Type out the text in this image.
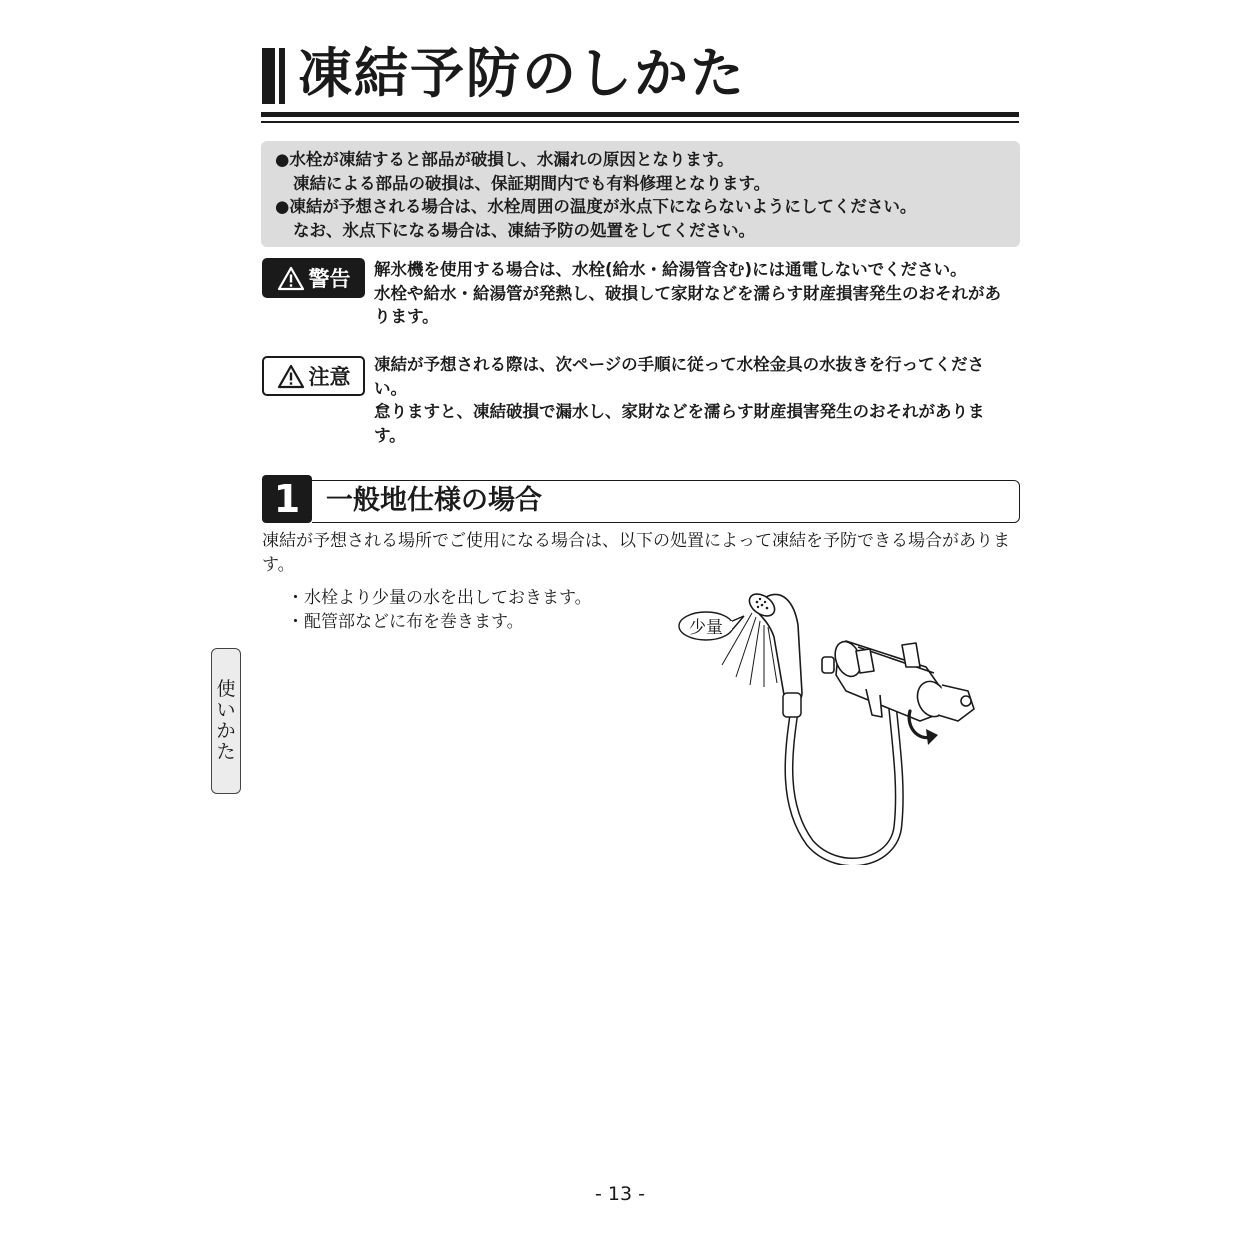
凍結予防のしかた
●水栓が凍結すると部品が破損し、水漏れの原因となります。
凍結による部品の破損は、保証期間内でも有料修理となります。
●凍結が予想される場合は、水栓周囲の温度が氷点下にならないようにしてください。
なお、氷点下になる場合は、凍結予防の処置をしてください。
警告 解氷機を使用する場合は、水栓(給水・給湯管含む)には通電しないでください。
水栓や給水・給湯管が発熱し、破損して家財などを濡らす財産損害発生のおそれがあります。
注意
凍結が予想される際は、次ページの手順に従って水栓金具の水抜きを行ってください。
怠りますと、凍結破損で漏水し、家財などを濡らす財産損害発生のおそれがあります。
1 一般地仕様の場合
凍結が予想される場所でご使用になる場合は、以下の処置によって凍結を予防できる場合があります。
・水栓より少量の水を出しておきます。
・配管部などに布を巻きます。
使
い
か
た
少量
- 13 -
